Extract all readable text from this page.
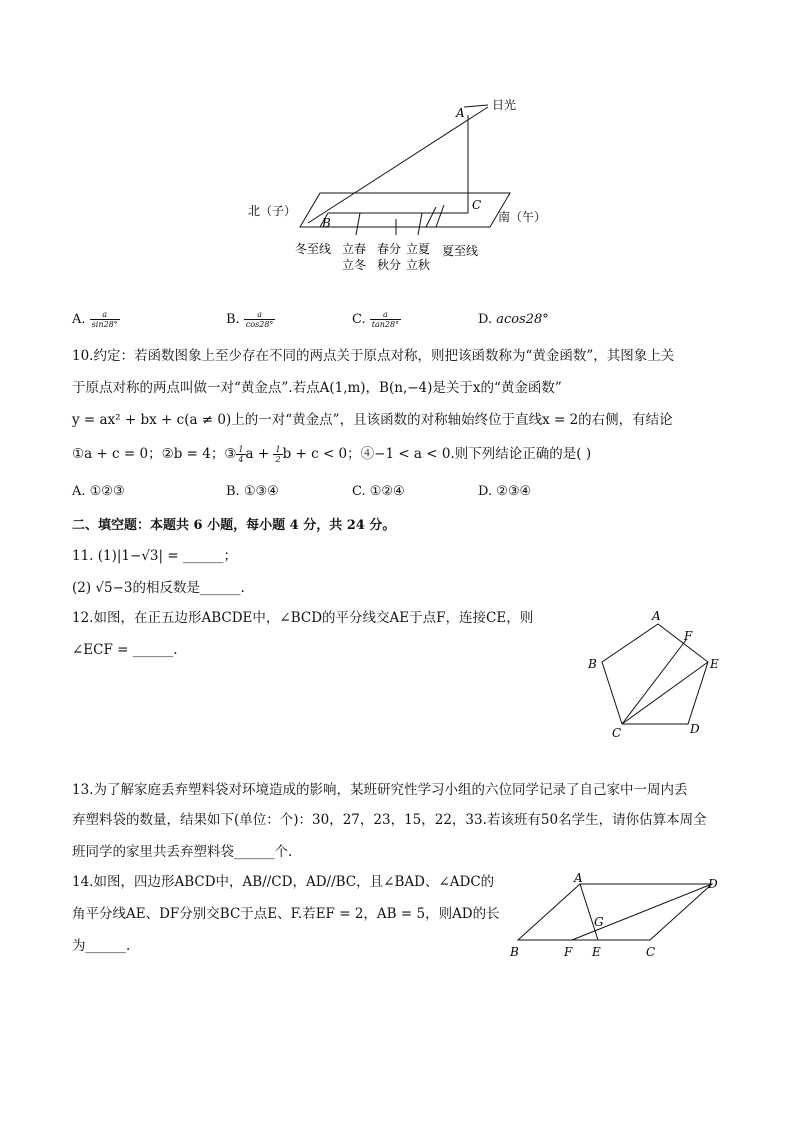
A
B
C
日光
北（子）	南（午）
冬至线 立春
立冬
春分
秋分
立夏
立秋
夏至线
A. $\frac{a}{\sin 28^\circ}$	B. $\frac{a}{\cos 28^\circ}$	C. $\frac{a}{\tan 28^\circ}$	D. acos28°
10.约定：若函数图象上至少存在不同的两点关于原点对称，则把该函数称为“黄金函数”，其图象上关
于原点对称的两点叫做一对“黄金点”.若点A(1,m)，B(n,−4)是关于x的“黄金函数”
y = ax² + bx + c(a ≠ 0)上的一对“黄金点”，且该函数的对称轴始终位于直线x = 2的右侧，有结论
①a + c = 0；②b = 4；③ $\frac{1}{4}$ $a + \frac{1}{2}$ b + c < 0；④−1 < a < 0.则下列结论正确的是( )
A. ①②③	B. ①③④	C. ①②④	D. ②③④
二、填空题：本题共 6 小题，每小题 4 分，共 24 分。
11. (1)|1−√3| = ______；
(2) √5−3的相反数是______.
12.如图，在正五边形ABCDE中，∠BCD的平分线交AE于点F，连接CE，则
∠ECF = ______.
A
F
E
B
D
C
13.为了解家庭丢弃塑料袋对环境造成的影响，某班研究性学习小组的六位同学记录了自己家中一周内丢
弃塑料袋的数量，结果如下(单位：个)：30，27，23，15，22，33.若该班有50名学生，请你估算本周全
班同学的家里共丢弃塑料袋______个.
14.如图，四边形ABCD中，AB//CD，AD//BC，且∠BAD、∠ADC的
角平分线AE、DF分别交BC于点E、F.若EF = 2，AB = 5，则AD的长
为______.
A	D
B	F E	C
G
